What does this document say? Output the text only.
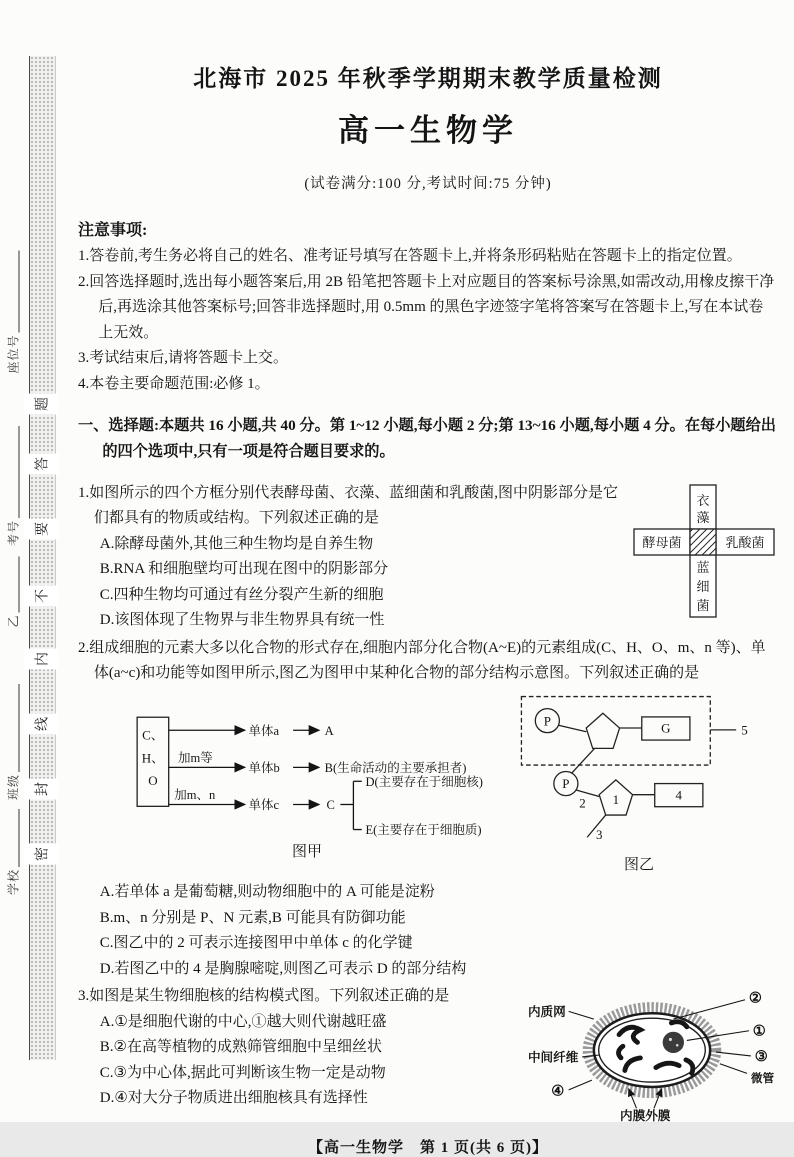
座位号
考号
乙
班级
学校
题
答
要
不
内
线
封
密
北海市 2025 年秋季学期期末教学质量检测
高一生物学
(试卷满分:100 分,考试时间:75 分钟)
注意事项:

1.答卷前,考生务必将自己的姓名、准考证号填写在答题卡上,并将条形码粘贴在答题卡上的指定位置。

2.回答选择题时,选出每小题答案后,用 2B 铅笔把答题卡上对应题目的答案标号涂黑,如需改动,用橡皮擦干净后,再选涂其他答案标号;回答非选择题时,用 0.5mm 的黑色字迹签字笔将答案写在答题卡上,写在本试卷上无效。

3.考试结束后,请将答题卡上交。

4.本卷主要命题范围:必修 1。

一、选择题:本题共 16 小题,共 40 分。第 1~12 小题,每小题 2 分;第 13~16 小题,每小题 4 分。在每小题给出的四个选项中,只有一项是符合题目要求的。

衣
藻
酵母菌	乳酸菌
蓝
细
菌

1.如图所示的四个方框分别代表酵母菌、衣藻、蓝细菌和乳酸菌,图中阴影部分是它们都具有的物质或结构。下列叙述正确的是

A.除酵母菌外,其他三种生物均是自养生物
B.RNA 和细胞壁均可出现在图中的阴影部分
C.四种生物均可通过有丝分裂产生新的细胞
D.该图体现了生物界与非生物界具有统一性

2.组成细胞的元素大多以化合物的形式存在,细胞内部分化合物(A~E)的元素组成(C、H、O、m、n 等)、单体(a~c)和功能等如图甲所示,图乙为图甲中某种化合物的部分结构示意图。下列叙述正确的是

C、
H、
O
加m等
加m、n
单体a
单体b
单体c
A
B(生命活动的主要承担者)
C
D(主要存在于细胞核)
E(主要存在于细胞质)
图甲
P	G	5
P
2 1	4
3
图乙
A.若单体 a 是葡萄糖,则动物细胞中的 A 可能是淀粉
B.m、n 分别是 P、N 元素,B 可能具有防御功能
C.图乙中的 2 可表示连接图甲中单体 c 的化学键
D.若图乙中的 4 是胸腺嘧啶,则图乙可表示 D 的部分结构
内质网
中间纤维
④
②
①
③
微管
内膜外膜

3.如图是某生物细胞核的结构模式图。下列叙述正确的是

A.①是细胞代谢的中心,①越大则代谢越旺盛
B.②在高等植物的成熟筛管细胞中呈细丝状
C.③为中心体,据此可判断该生物一定是动物
D.④对大分子物质进出细胞核具有选择性
【高一生物学　第 1 页(共 6 页)】
